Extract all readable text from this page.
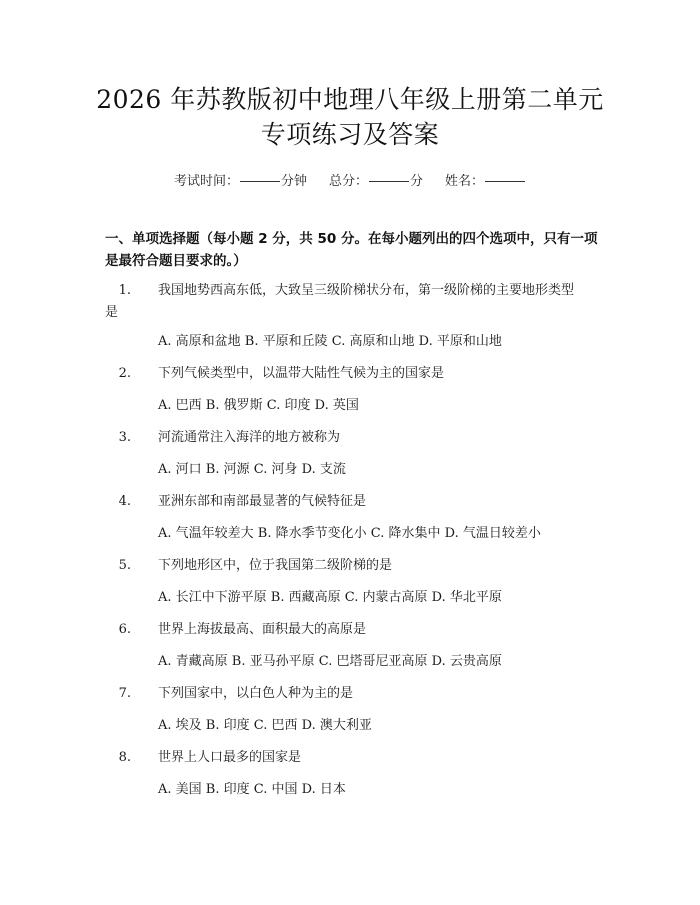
2026 年苏教版初中地理八年级上册第二单元
专项练习及答案
考试时间：	分钟 总分：	分 姓名：
一、单项选择题（每小题 2 分，共 50 分。在每小题列出的四个选项中，只有一项是最符合题目要求的。）
1. 我国地势西高东低，大致呈三级阶梯状分布，第一级阶梯的主要地形类型
是
A. 高原和盆地 B. 平原和丘陵 C. 高原和山地 D. 平原和山地
2. 下列气候类型中，以温带大陆性气候为主的国家是
A. 巴西 B. 俄罗斯 C. 印度 D. 英国
3. 河流通常注入海洋的地方被称为
A. 河口 B. 河源 C. 河身 D. 支流
4. 亚洲东部和南部最显著的气候特征是
A. 气温年较差大 B. 降水季节变化小 C. 降水集中 D. 气温日较差小
5. 下列地形区中，位于我国第二级阶梯的是
A. 长江中下游平原 B. 西藏高原 C. 内蒙古高原 D. 华北平原
6. 世界上海拔最高、面积最大的高原是
A. 青藏高原 B. 亚马孙平原 C. 巴塔哥尼亚高原 D. 云贵高原
7. 下列国家中，以白色人种为主的是
A. 埃及 B. 印度 C. 巴西 D. 澳大利亚
8. 世界上人口最多的国家是
A. 美国 B. 印度 C. 中国 D. 日本
